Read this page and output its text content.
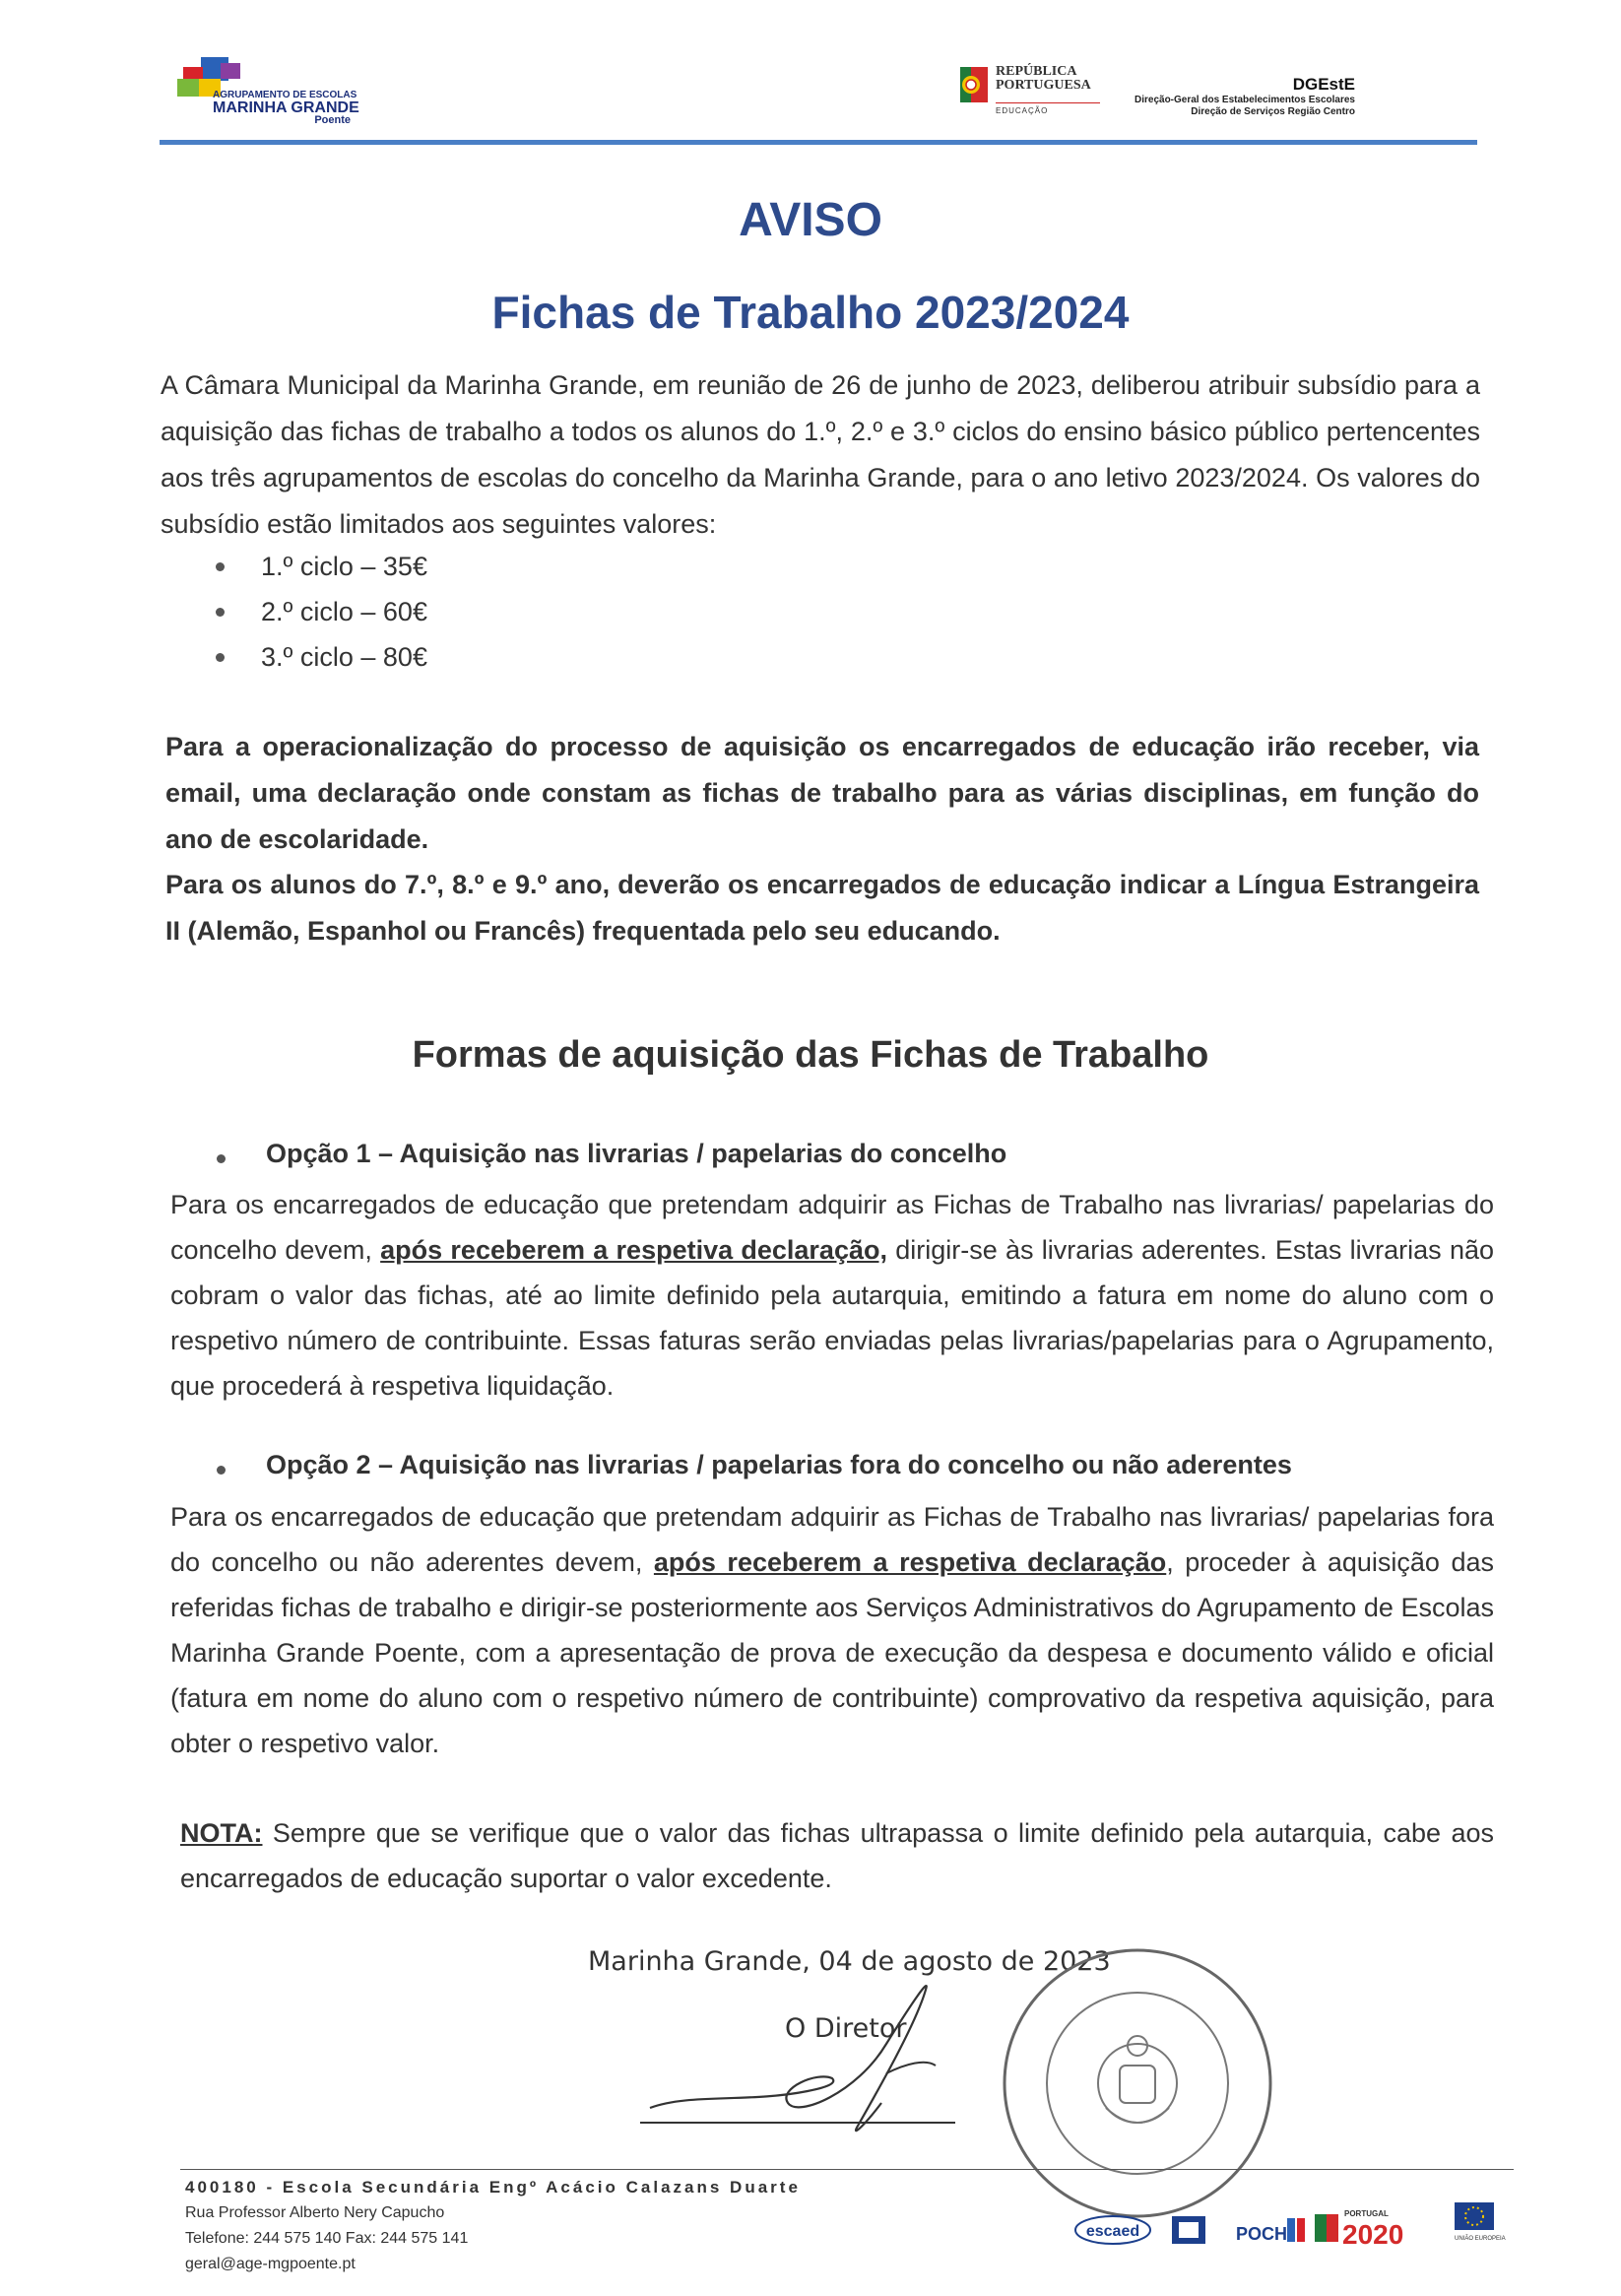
AGRUPAMENTO DE ESCOLAS
MARINHA GRANDE
Poente
REPÚBLICA
PORTUGUESA
EDUCAÇÃO
DGEstE
Direção-Geral dos Estabelecimentos Escolares
Direção de Serviços Região Centro
AVISO
Fichas de Trabalho 2023/2024
A Câmara Municipal da Marinha Grande, em reunião de 26 de junho de 2023, deliberou atribuir subsídio para a aquisição das fichas de trabalho a todos os alunos do 1.º, 2.º e 3.º ciclos do ensino básico público pertencentes aos três agrupamentos de escolas do concelho da Marinha Grande, para o ano letivo 2023/2024. Os valores do subsídio estão limitados aos seguintes valores:
1.º ciclo – 35€
2.º ciclo – 60€
3.º ciclo – 80€
Para a operacionalização do processo de aquisição os encarregados de educação irão receber, via email, uma declaração onde constam as fichas de trabalho para as várias disciplinas, em função do ano de escolaridade.
Para os alunos do 7.º, 8.º e 9.º ano, deverão os encarregados de educação indicar a Língua Estrangeira II (Alemão, Espanhol ou Francês) frequentada pelo seu educando.
Formas de aquisição das Fichas de Trabalho
Opção 1 – Aquisição nas livrarias / papelarias do concelho
Para os encarregados de educação que pretendam adquirir as Fichas de Trabalho nas livrarias/ papelarias do concelho devem, após receberem a respetiva declaração, dirigir-se às livrarias aderentes. Estas livrarias não cobram o valor das fichas, até ao limite definido pela autarquia, emitindo a fatura em nome do aluno com o respetivo número de contribuinte. Essas faturas serão enviadas pelas livrarias/papelarias para o Agrupamento, que procederá à respetiva liquidação.
Opção 2 – Aquisição nas livrarias / papelarias fora do concelho ou não aderentes
Para os encarregados de educação que pretendam adquirir as Fichas de Trabalho nas livrarias/ papelarias fora do concelho ou não aderentes devem, após receberem a respetiva declaração, proceder à aquisição das referidas fichas de trabalho e dirigir-se posteriormente aos Serviços Administrativos do Agrupamento de Escolas Marinha Grande Poente, com a apresentação de prova de execução da despesa e documento válido e oficial (fatura em nome do aluno com o respetivo número de contribuinte) comprovativo da respetiva aquisição, para obter o respetivo valor.
NOTA: Sempre que se verifique que o valor das fichas ultrapassa o limite definido pela autarquia, cabe aos encarregados de educação suportar o valor excedente.
Marinha Grande, 04 de agosto de 2023
O Diretor
400180 - Escola Secundária Engº Acácio Calazans Duarte
Rua Professor Alberto Nery Capucho
Telefone: 244 575 140 Fax: 244 575 141
geral@age-mgpoente.pt
escaed	POCH
PORTUGAL
2020	UNIÃO EUROPEIA
